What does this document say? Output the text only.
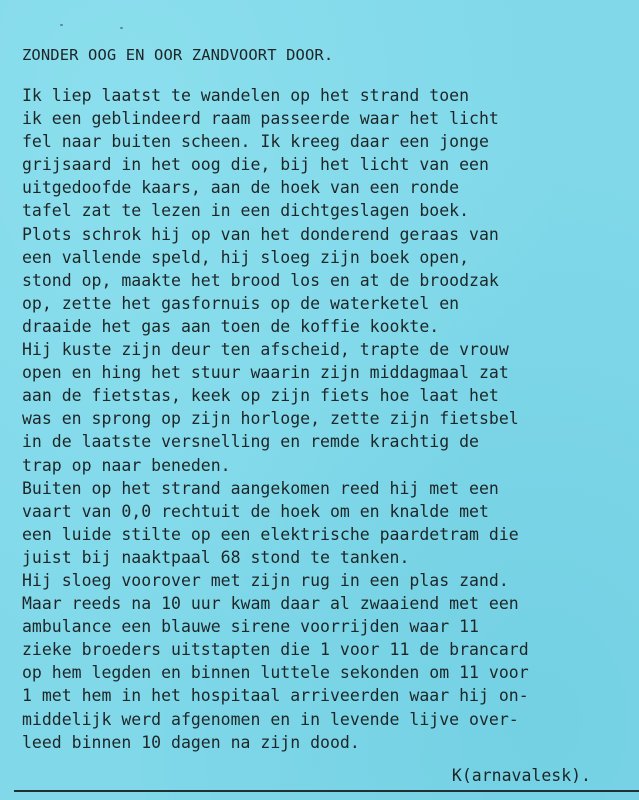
ZONDER OOG EN OOR ZANDVOORT DOOR.
Ik liep laatst te wandelen op het strand toen
ik een geblindeerd raam passeerde waar het licht
fel naar buiten scheen. Ik kreeg daar een jonge
grijsaard in het oog die, bij het licht van een
uitgedoofde kaars, aan de hoek van een ronde
tafel zat te lezen in een dichtgeslagen boek.
Plots schrok hij op van het donderend geraas van
een vallende speld, hij sloeg zijn boek open,
stond op, maakte het brood los en at de broodzak
op, zette het gasfornuis op de waterketel en
draaide het gas aan toen de koffie kookte.
Hij kuste zijn deur ten afscheid, trapte de vrouw
open en hing het stuur waarin zijn middagmaal zat
aan de fietstas, keek op zijn fiets hoe laat het
was en sprong op zijn horloge, zette zijn fietsbel
in de laatste versnelling en remde krachtig de
trap op naar beneden.
Buiten op het strand aangekomen reed hij met een
vaart van 0,0 rechtuit de hoek om en knalde met
een luide stilte op een elektrische paardetram die
juist bij naaktpaal 68 stond te tanken.
Hij sloeg voorover met zijn rug in een plas zand.
Maar reeds na 10 uur kwam daar al zwaaiend met een
ambulance een blauwe sirene voorrijden waar 11
zieke broeders uitstapten die 1 voor 11 de brancard
op hem legden en binnen luttele sekonden om 11 voor
1 met hem in het hospitaal arriveerden waar hij on-
middelijk werd afgenomen en in levende lijve over-
leed binnen 10 dagen na zijn dood.
K(arnavalesk).
